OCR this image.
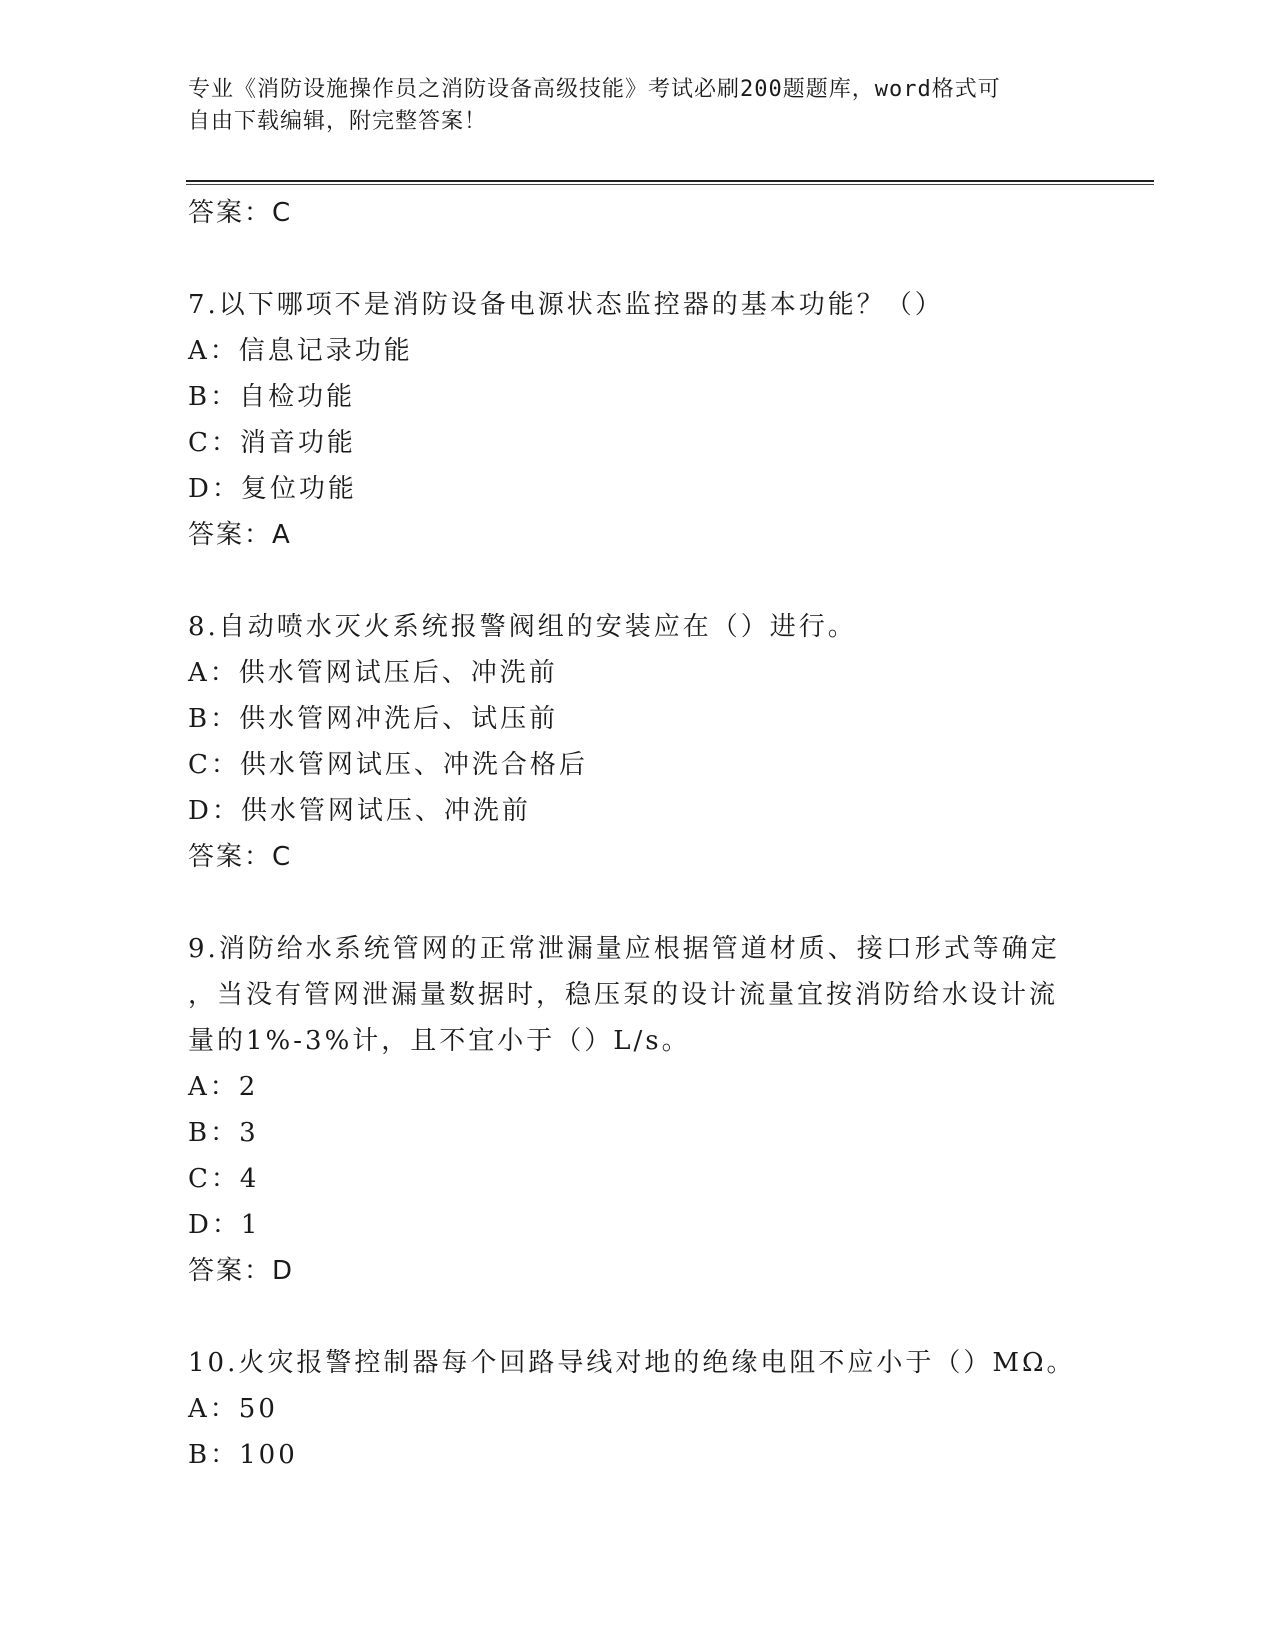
专业《消防设施操作员之消防设备高级技能》考试必刷200题题库，word格式可
自由下载编辑，附完整答案！
答案：C
7.以下哪项不是消防设备电源状态监控器的基本功能？（）
A：信息记录功能
B：自检功能
C：消音功能
D：复位功能
答案：A
8.自动喷水灭火系统报警阀组的安装应在（）进行。
A：供水管网试压后、冲洗前
B：供水管网冲洗后、试压前
C：供水管网试压、冲洗合格后
D：供水管网试压、冲洗前
答案：C
9.消防给水系统管网的正常泄漏量应根据管道材质、接口形式等确定
，当没有管网泄漏量数据时，稳压泵的设计流量宜按消防给水设计流
量的1%-3%计，且不宜小于（）L/s。
A：2
B：3
C：4
D：1
答案：D
10.火灾报警控制器每个回路导线对地的绝缘电阻不应小于（）MΩ。
A：50
B：100
